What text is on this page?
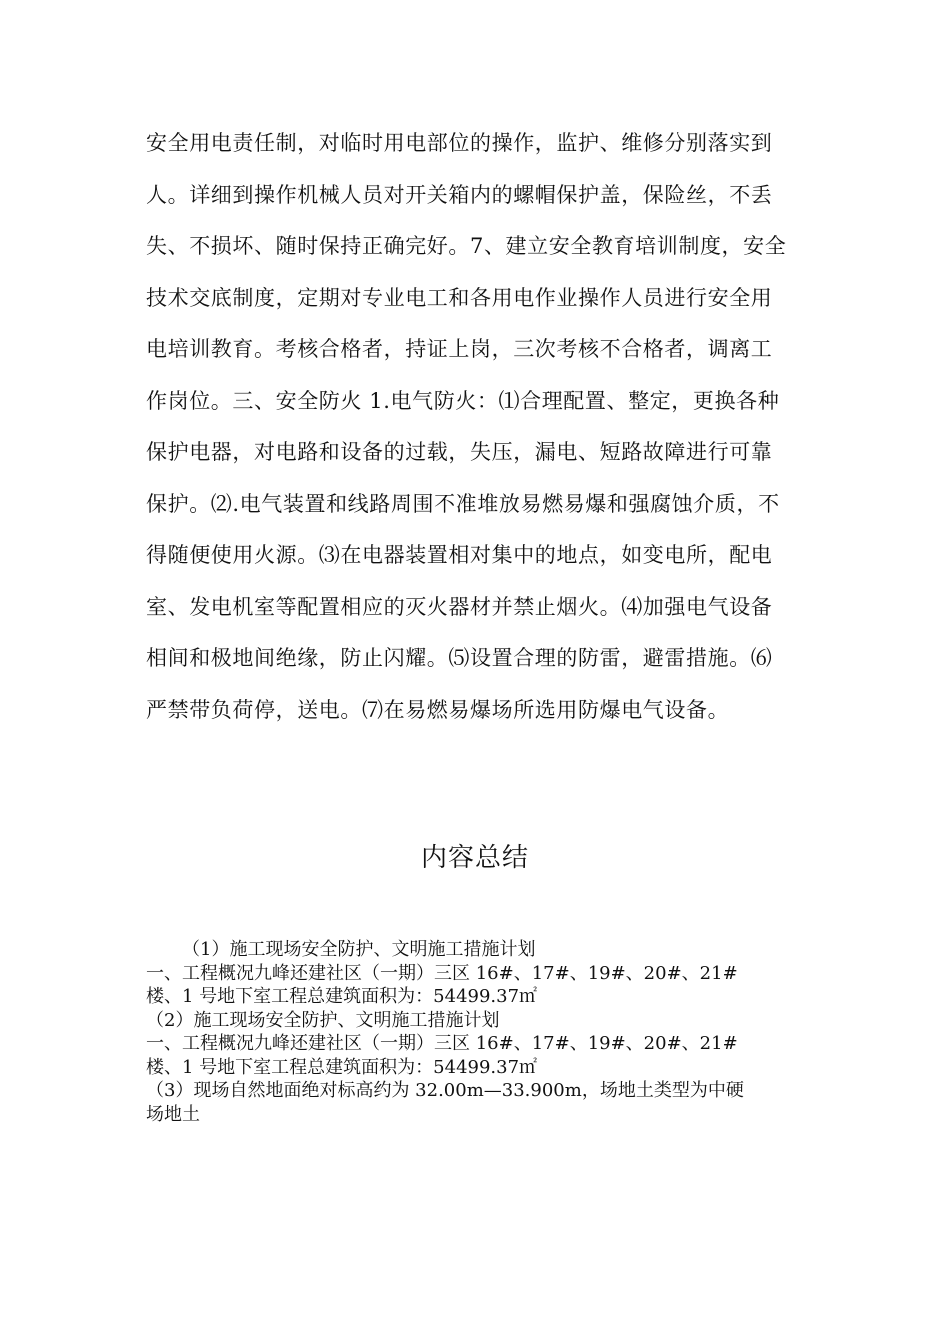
安全用电责任制，对临时用电部位的操作，监护、维修分别落实到
人。详细到操作机械人员对开关箱内的螺帽保护盖，保险丝，不丢
失、不损坏、随时保持正确完好。7、建立安全教育培训制度，安全
技术交底制度，定期对专业电工和各用电作业操作人员进行安全用
电培训教育。考核合格者，持证上岗，三次考核不合格者，调离工
作岗位。三、安全防火 1.电气防火：⑴合理配置、整定，更换各种
保护电器，对电路和设备的过载，失压，漏电、短路故障进行可靠
保护。⑵.电气装置和线路周围不准堆放易燃易爆和强腐蚀介质，不
得随便使用火源。⑶在电器装置相对集中的地点，如变电所，配电
室、发电机室等配置相应的灭火器材并禁止烟火。⑷加强电气设备
相间和极地间绝缘，防止闪耀。⑸设置合理的防雷，避雷措施。⑹
严禁带负荷停，送电。⑺在易燃易爆场所选用防爆电气设备。
内容总结
（1）施工现场安全防护、文明施工措施计划
一、工程概况九峰还建社区（一期）三区 16#、17#、19#、20#、21#
楼、1 号地下室工程总建筑面积为：54499.37㎡
（2）施工现场安全防护、文明施工措施计划
一、工程概况九峰还建社区（一期）三区 16#、17#、19#、20#、21#
楼、1 号地下室工程总建筑面积为：54499.37㎡
（3）现场自然地面绝对标高约为 32.00m—33.900m，场地土类型为中硬
场地土
